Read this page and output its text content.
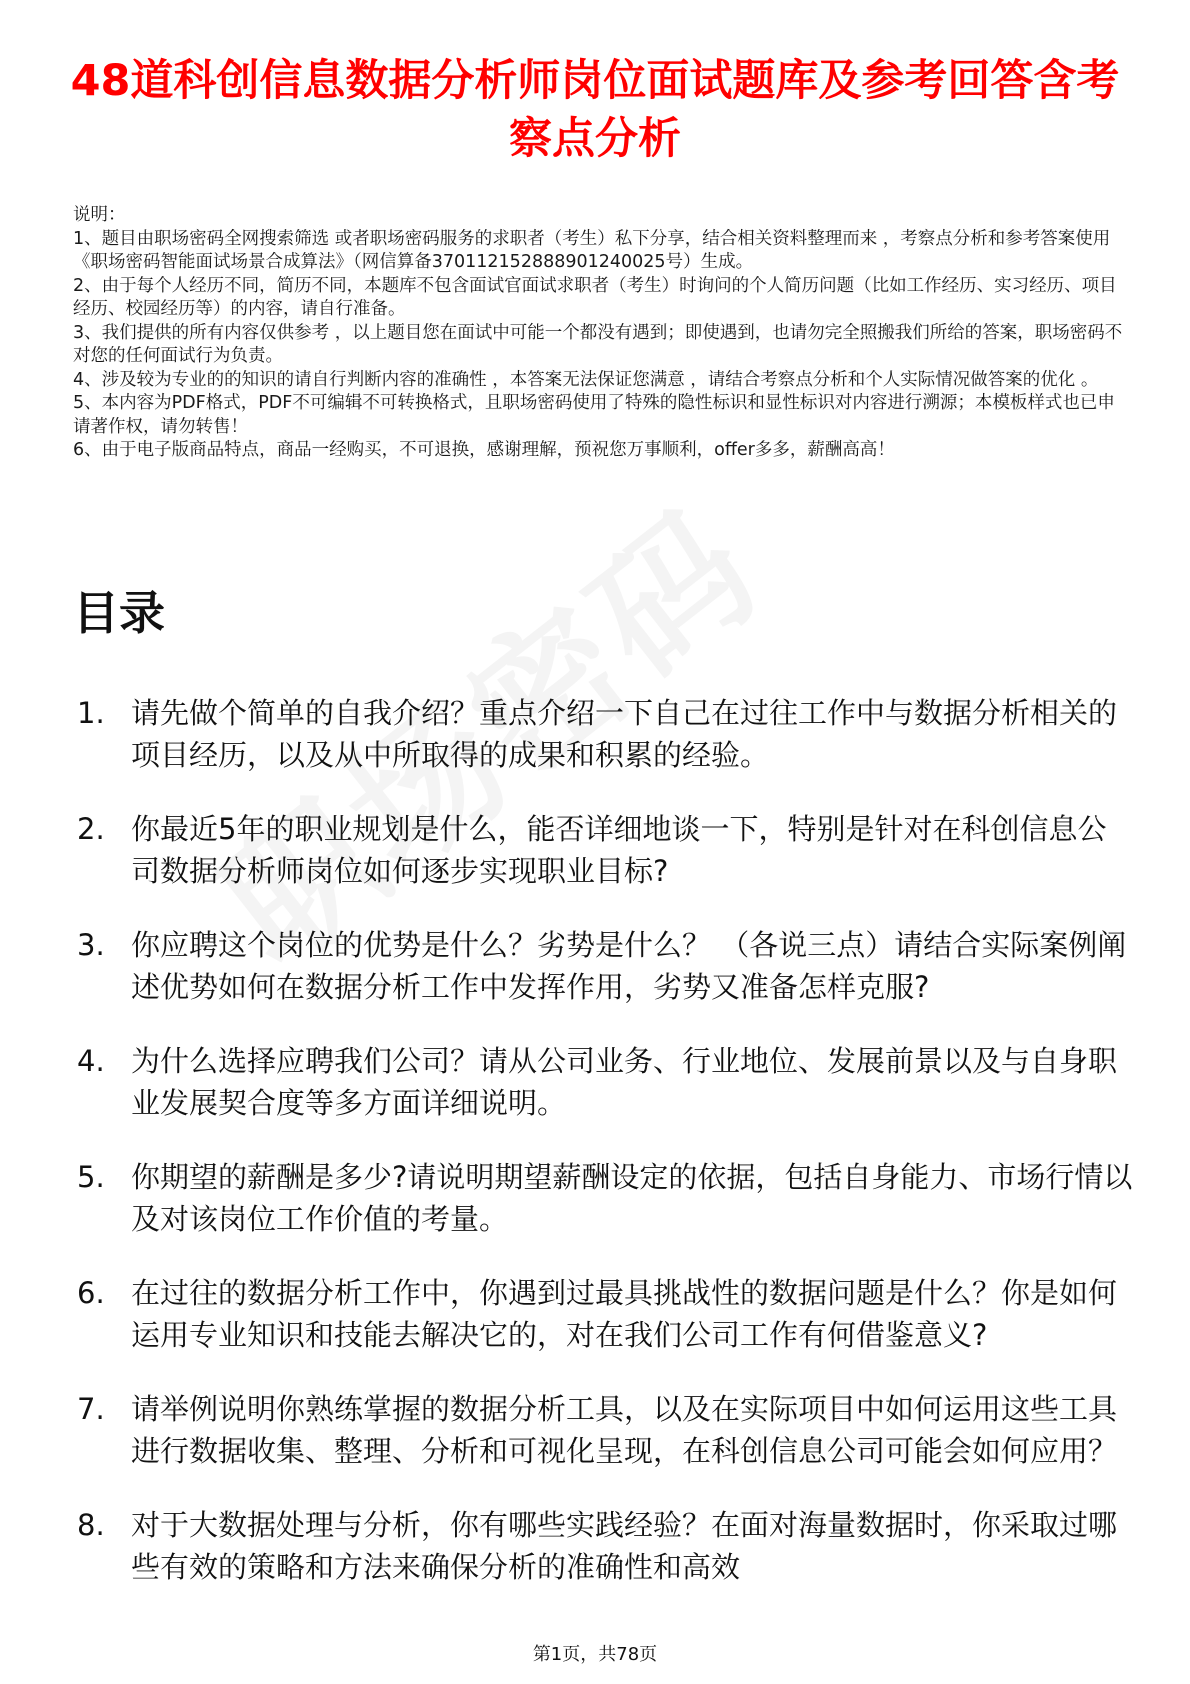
48道科创信息数据分析师岗位面试题库及参考回答含考察点分析

说明：

1、题目由职场密码全网搜索筛选 或者职场密码服务的求职者（考生）私下分享，结合相关资料整理而来 ，考察点分析和参考答案使用《职场密码智能面试场景合成算法》（网信算备370112152888901240025号）生成。

2、由于每个人经历不同，简历不同，本题库不包含面试官面试求职者（考生）时询问的个人简历问题（比如工作经历、实习经历、项目经历、校园经历等）的内容，请自行准备。

3、我们提供的所有内容仅供参考 ，以上题目您在面试中可能一个都没有遇到；即使遇到，也请勿完全照搬我们所给的答案，职场密码不对您的任何面试行为负责。

4、涉及较为专业的的知识的请自行判断内容的准确性 ，本答案无法保证您满意 ，请结合考察点分析和个人实际情况做答案的优化 。

5、本内容为PDF格式，PDF不可编辑不可转换格式，且职场密码使用了特殊的隐性标识和显性标识对内容进行溯源；本模板样式也已申请著作权，请勿转售！

6、由于电子版商品特点，商品一经购买，不可退换，感谢理解，预祝您万事顺利，offer多多，薪酬高高！

目录
1. 请先做个简单的自我介绍？重点介绍一下自己在过往工作中与数据分析相关的项目经历，以及从中所取得的成果和积累的经验。
2. 你最近5年的职业规划是什么，能否详细地谈一下，特别是针对在科创信息公司数据分析师岗位如何逐步实现职业目标?
3. 你应聘这个岗位的优势是什么？劣势是什么？ （各说三点）请结合实际案例阐述优势如何在数据分析工作中发挥作用，劣势又准备怎样克服?
4. 为什么选择应聘我们公司？请从公司业务、行业地位、发展前景以及与自身职业发展契合度等多方面详细说明。
5. 你期望的薪酬是多少?请说明期望薪酬设定的依据，包括自身能力、市场行情以及对该岗位工作价值的考量。
6. 在过往的数据分析工作中，你遇到过最具挑战性的数据问题是什么？你是如何运用专业知识和技能去解决它的，对在我们公司工作有何借鉴意义?
7. 请举例说明你熟练掌握的数据分析工具，以及在实际项目中如何运用这些工具进行数据收集、整理、分析和可视化呈现，在科创信息公司可能会如何应用？
8. 对于大数据处理与分析，你有哪些实践经验？在面对海量数据时，你采取过哪些有效的策略和方法来确保分析的准确性和高效
第1页，共78页
